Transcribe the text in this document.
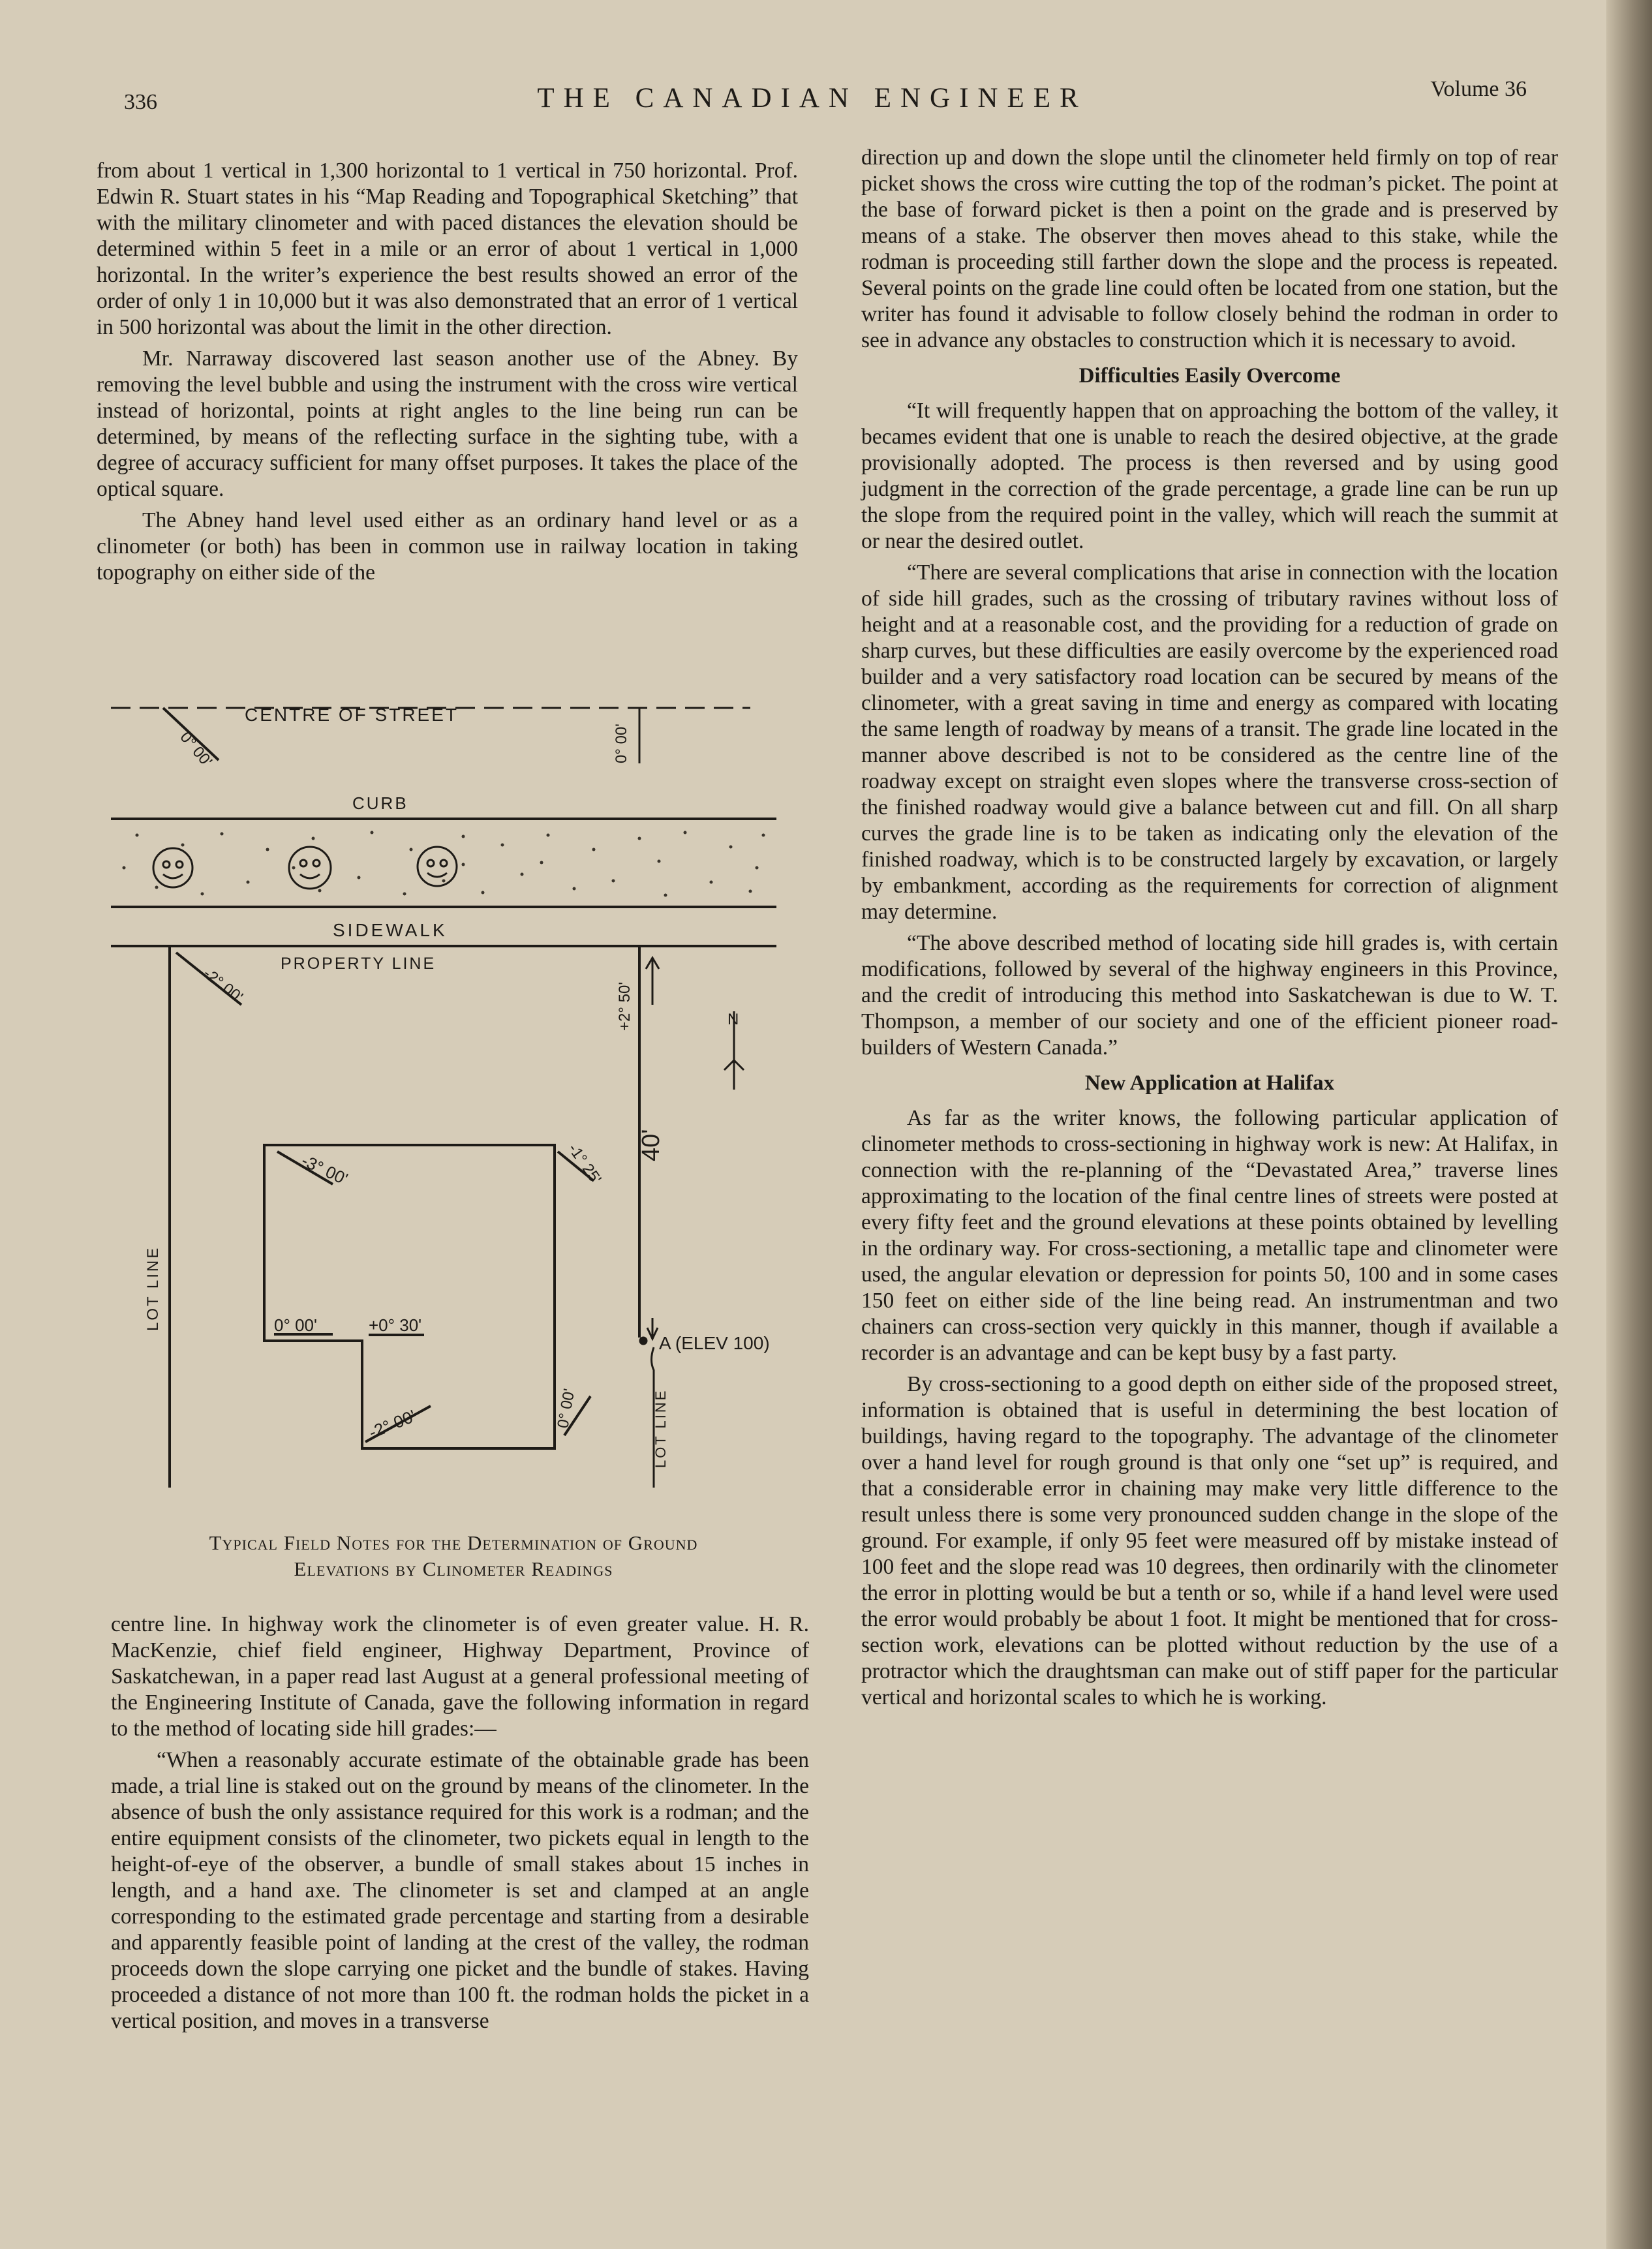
336	THE CANADIAN ENGINEER	Volume 36

from about 1 vertical in 1,300 horizontal to 1 vertical in 750 horizontal. Prof. Edwin R. Stuart states in his “Map Reading and Topographical Sketching” that with the military clinometer and with paced distances the elevation should be determined within 5 feet in a mile or an error of about 1 vertical in 1,000 horizontal. In the writer’s experience the best results showed an error of the order of only 1 in 10,000 but it was also demonstrated that an error of 1 vertical in 500 horizontal was about the limit in the other direction.

Mr. Narraway discovered last season another use of the Abney. By removing the level bubble and using the instrument with the cross wire vertical instead of horizontal, points at right angles to the line being run can be determined, by means of the reflecting surface in the sighting tube, with a degree of accuracy sufficient for many offset purposes. It takes the place of the optical square.

The Abney hand level used either as an ordinary hand level or as a clinometer (or both) has been in common use in railway location in taking topography on either side of the

CENTRE OF STREET
0° 00'	0° 00'
CURB
SIDEWALK
PROPERTY LINE
LOT LINE
-2° 00'	+2° 50'
40'
A (ELEV 100)
LOT LINE
N
-3° 00'	-1° 25'
0° 00'	+0° 30'
-2° 00'	0° 00'
Typical Field Notes for the Determination of Ground
Elevations by Clinometer Readings

centre line. In highway work the clinometer is of even greater value. H. R. MacKenzie, chief field engineer, Highway Department, Province of Saskatchewan, in a paper read last August at a general professional meeting of the Engineering Institute of Canada, gave the following information in regard to the method of locating side hill grades:—

“When a reasonably accurate estimate of the obtainable grade has been made, a trial line is staked out on the ground by means of the clinometer. In the absence of bush the only assistance required for this work is a rodman; and the entire equipment consists of the clinometer, two pickets equal in length to the height-of-eye of the observer, a bundle of small stakes about 15 inches in length, and a hand axe. The clinometer is set and clamped at an angle corresponding to the estimated grade percentage and starting from a desirable and apparently feasible point of landing at the crest of the valley, the rodman proceeds down the slope carrying one picket and the bundle of stakes. Having proceeded a distance of not more than 100 ft. the rodman holds the picket in a vertical position, and moves in a transverse

direction up and down the slope until the clinometer held firmly on top of rear picket shows the cross wire cutting the top of the rodman’s picket. The point at the base of forward picket is then a point on the grade and is preserved by means of a stake. The observer then moves ahead to this stake, while the rodman is proceeding still farther down the slope and the process is repeated. Several points on the grade line could often be located from one station, but the writer has found it advisable to follow closely behind the rodman in order to see in advance any obstacles to construction which it is necessary to avoid.

Difficulties Easily Overcome

“It will frequently happen that on approaching the bottom of the valley, it becames evident that one is unable to reach the desired objective, at the grade provisionally adopted. The process is then reversed and by using good judgment in the correction of the grade percentage, a grade line can be run up the slope from the required point in the valley, which will reach the summit at or near the desired outlet.

“There are several complications that arise in connection with the location of side hill grades, such as the crossing of tributary ravines without loss of height and at a reasonable cost, and the providing for a reduction of grade on sharp curves, but these difficulties are easily overcome by the experienced road builder and a very satisfactory road location can be secured by means of the clinometer, with a great saving in time and energy as compared with locating the same length of roadway by means of a transit. The grade line located in the manner above described is not to be considered as the centre line of the roadway except on straight even slopes where the transverse cross-section of the finished roadway would give a balance between cut and fill. On all sharp curves the grade line is to be taken as indicating only the elevation of the finished roadway, which is to be constructed largely by excavation, or largely by embankment, according as the requirements for correction of alignment may determine.

“The above described method of locating side hill grades is, with certain modifications, followed by several of the highway engineers in this Province, and the credit of introducing this method into Saskatchewan is due to W. T. Thompson, a member of our society and one of the efficient pioneer road-builders of Western Canada.”

New Application at Halifax

As far as the writer knows, the following particular application of clinometer methods to cross-sectioning in highway work is new: At Halifax, in connection with the re-planning of the “Devastated Area,” traverse lines approximating to the location of the final centre lines of streets were posted at every fifty feet and the ground elevations at these points obtained by levelling in the ordinary way. For cross-sectioning, a metallic tape and clinometer were used, the angular elevation or depression for points 50, 100 and in some cases 150 feet on either side of the line being read. An instrumentman and two chainers can cross-section very quickly in this manner, though if available a recorder is an advantage and can be kept busy by a fast party.

By cross-sectioning to a good depth on either side of the proposed street, information is obtained that is useful in determining the best location of buildings, having regard to the topography. The advantage of the clinometer over a hand level for rough ground is that only one “set up” is required, and that a considerable error in chaining may make very little difference to the result unless there is some very pronounced sudden change in the slope of the ground. For example, if only 95 feet were measured off by mistake instead of 100 feet and the slope read was 10 degrees, then ordinarily with the clinometer the error in plotting would be but a tenth or so, while if a hand level were used the error would probably be about 1 foot. It might be mentioned that for cross-section work, elevations can be plotted without reduction by the use of a protractor which the draughtsman can make out of stiff paper for the particular vertical and horizontal scales to which he is working.
